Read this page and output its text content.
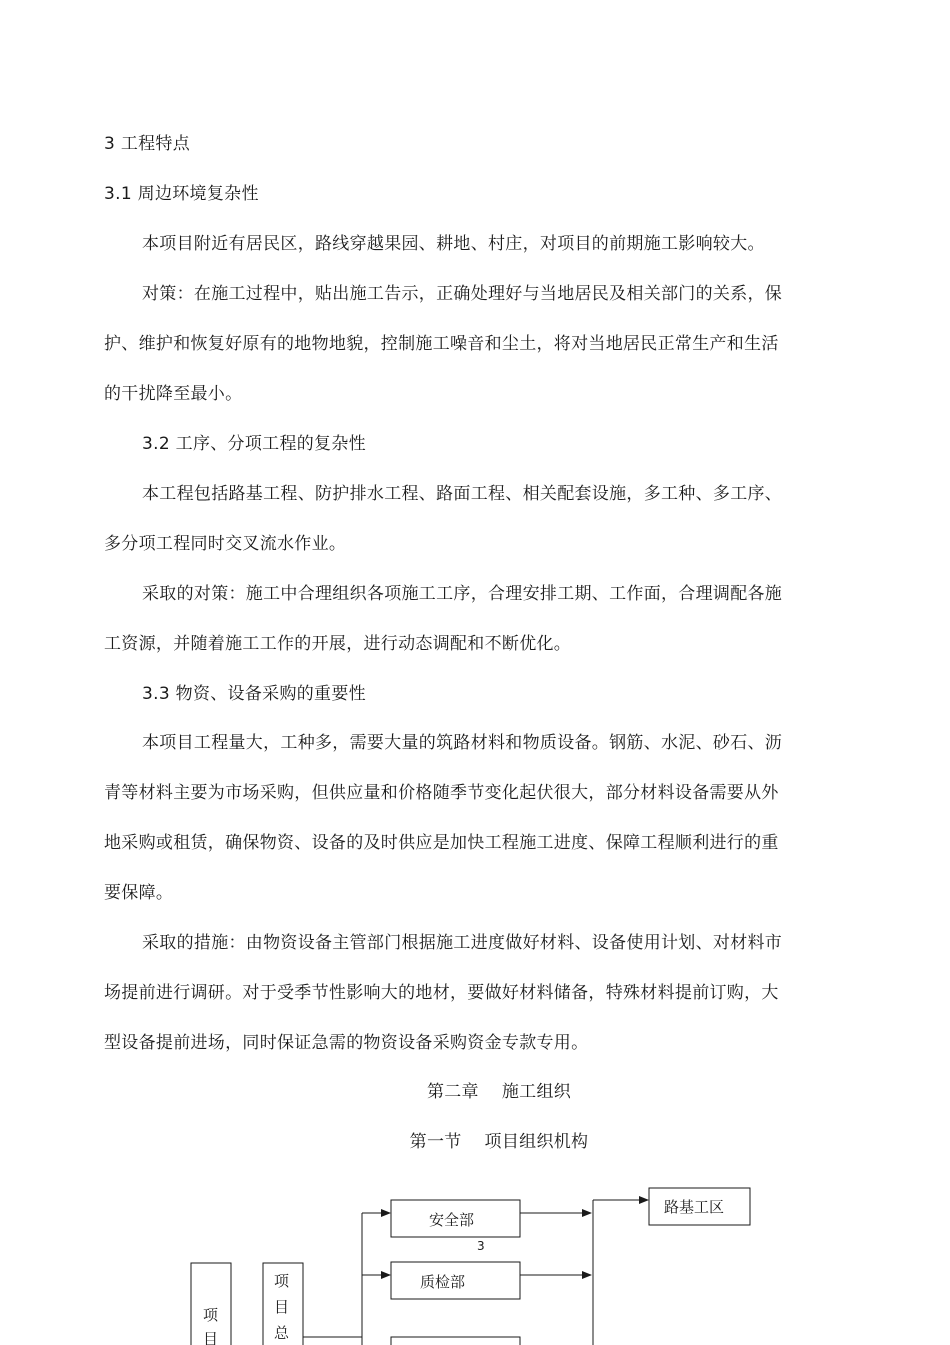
3 工程特点
3.1 周边环境复杂性
本项目附近有居民区，路线穿越果园、耕地、村庄，对项目的前期施工影响较大。
对策：在施工过程中，贴出施工告示，正确处理好与当地居民及相关部门的关系，保
护、维护和恢复好原有的地物地貌，控制施工噪音和尘土，将对当地居民正常生产和生活
的干扰降至最小。
3.2 工序、分项工程的复杂性
本工程包括路基工程、防护排水工程、路面工程、相关配套设施，多工种、多工序、
多分项工程同时交叉流水作业。
采取的对策：施工中合理组织各项施工工序，合理安排工期、工作面，合理调配各施
工资源，并随着施工工作的开展，进行动态调配和不断优化。
3.3 物资、设备采购的重要性
本项目工程量大，工种多，需要大量的筑路材料和物质设备。钢筋、水泥、砂石、沥
青等材料主要为市场采购，但供应量和价格随季节变化起伏很大，部分材料设备需要从外
地采购或租赁，确保物资、设备的及时供应是加快工程施工进度、保障工程顺利进行的重
要保障。
采取的措施：由物资设备主管部门根据施工进度做好材料、设备使用计划、对材料市
场提前进行调研。对于受季节性影响大的地材，要做好材料储备，特殊材料提前订购，大
型设备提前进场，同时保证急需的物资设备采购资金专款专用。
第二章　 施工组织
第一节　 项目组织机构
项
目
项
目
总
安全部
质检部
路基工区
3
